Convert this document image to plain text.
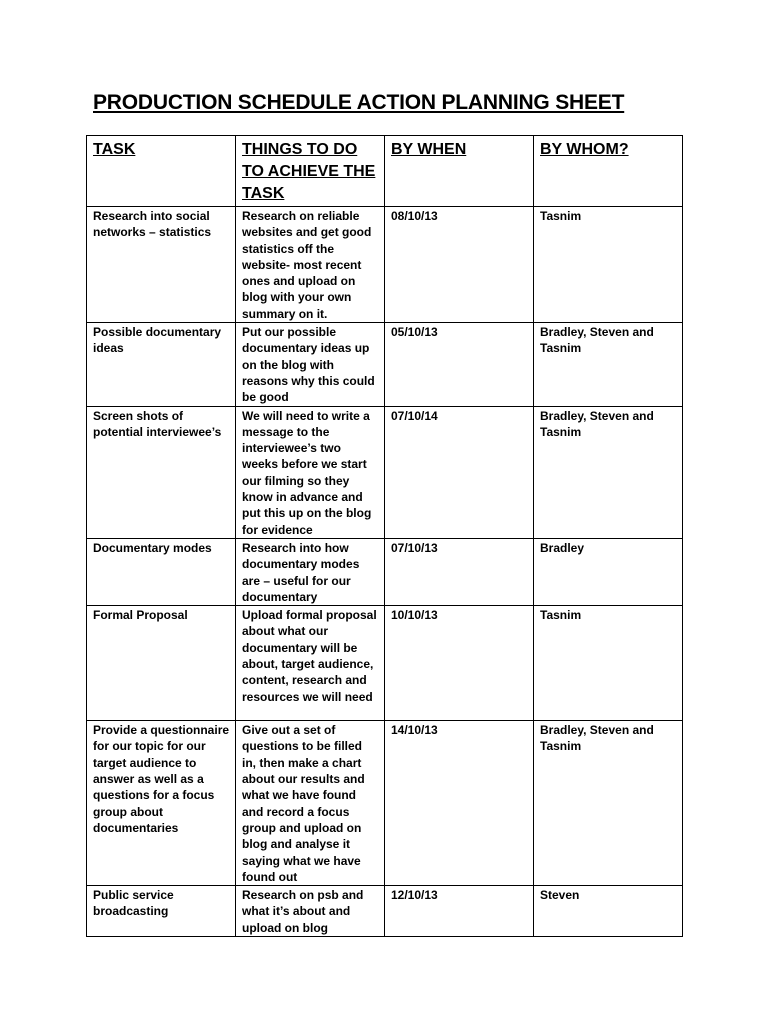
PRODUCTION SCHEDULE ACTION PLANNING SHEET
TASK	THINGS TO DO TO ACHIEVE THE TASK	BY WHEN	BY WHOM?
Research into social networks – statistics	Research on reliable websites and get good statistics off the website- most recent ones and upload on blog with your own summary on it.	08/10/13	Tasnim
Possible documentary ideas	Put our possible documentary ideas up on the blog with reasons why this could be good	05/10/13	Bradley, Steven and Tasnim
Screen shots of potential interviewee’s	We will need to write a message to the interviewee’s two weeks before we start our filming so they know in advance and put this up on the blog for evidence	07/10/14	Bradley, Steven and Tasnim
Documentary modes	Research into how documentary modes are – useful for our documentary	07/10/13	Bradley
Formal Proposal	Upload formal proposal about what our documentary will be about, target audience, content, research and resources we will need	10/10/13	Tasnim
Provide a questionnaire for our topic for our target audience to answer as well as a questions for a focus group about documentaries	Give out a set of questions to be filled in, then make a chart about our results and what we have found and record a focus group and upload on blog and analyse it saying what we have found out	14/10/13	Bradley, Steven and Tasnim
Public service broadcasting	Research on psb and what it’s about and upload on blog	12/10/13	Steven
